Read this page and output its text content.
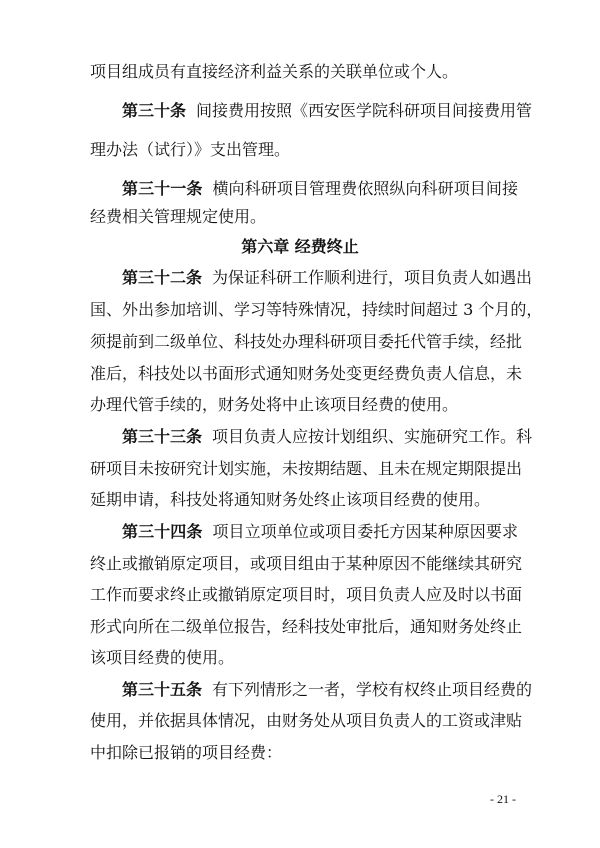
项目组成员有直接经济利益关系的关联单位或个人。
第三十条 间接费用按照《西安医学院科研项目间接费用管
理办法（试行）》支出管理。
第三十一条 横向科研项目管理费依照纵向科研项目间接
经费相关管理规定使用。
第六章 经费终止
第三十二条 为保证科研工作顺利进行，项目负责人如遇出
国、外出参加培训、学习等特殊情况，持续时间超过 3 个月的，
须提前到二级单位、科技处办理科研项目委托代管手续，经批
准后，科技处以书面形式通知财务处变更经费负责人信息，未
办理代管手续的，财务处将中止该项目经费的使用。
第三十三条 项目负责人应按计划组织、实施研究工作。科
研项目未按研究计划实施，未按期结题、且未在规定期限提出
延期申请，科技处将通知财务处终止该项目经费的使用。
第三十四条 项目立项单位或项目委托方因某种原因要求
终止或撤销原定项目，或项目组由于某种原因不能继续其研究
工作而要求终止或撤销原定项目时，项目负责人应及时以书面
形式向所在二级单位报告，经科技处审批后，通知财务处终止
该项目经费的使用。
第三十五条 有下列情形之一者，学校有权终止项目经费的
使用，并依据具体情况，由财务处从项目负责人的工资或津贴
中扣除已报销的项目经费：
- 21 -
